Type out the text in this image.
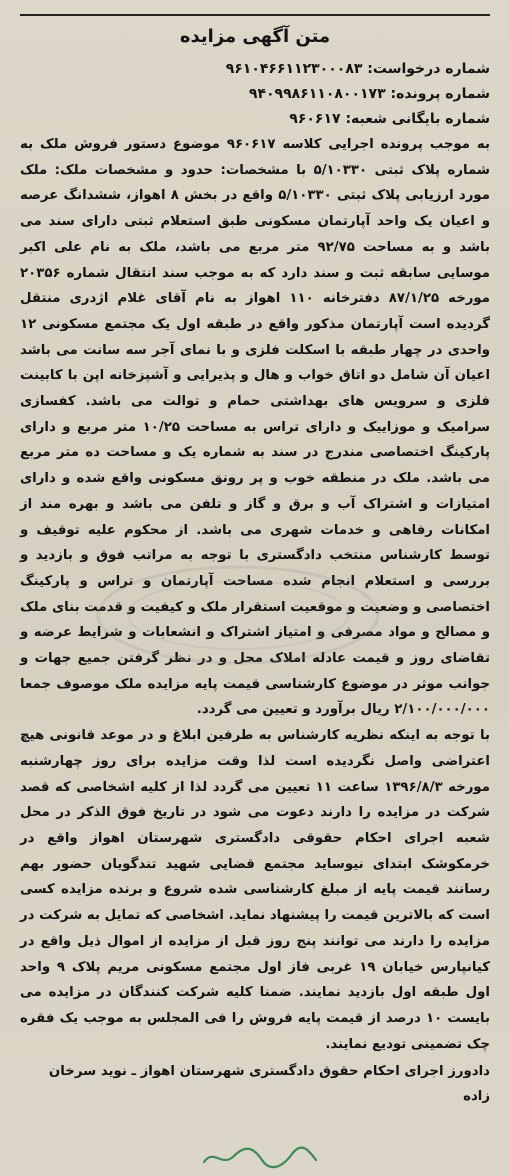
متن آگهی مزایده
شماره درخواست: ۹۶۱۰۴۶۶۱۱۲۳۰۰۰۸۳
شماره پرونده: ۹۴۰۹۹۸۶۱۱۰۸۰۰۱۷۳
شماره بایگانی شعبه: ۹۶۰۶۱۷

به موجب پرونده اجرایی کلاسه ۹۶۰۶۱۷ موضوع دستور فروش ملک به شماره پلاک ثبتی ۵/۱۰۳۳۰ با مشخصات: حدود و مشخصات ملک: ملک مورد ارزیابی پلاک ثبتی ۵/۱۰۳۳۰ واقع در بخش ۸ اهواز، ششدانگ عرصه و اعیان یک واحد آپارتمان مسکونی طبق استعلام ثبتی دارای سند می باشد و به مساحت ۹۲/۷۵ متر مربع می باشد، ملک به نام علی اکبر موسایی سابقه ثبت و سند دارد که به موجب سند انتقال شماره ۲۰۳۵۶ مورخه ۸۷/۱/۲۵ دفترخانه ۱۱۰ اهواز به نام آقای غلام اژدری منتقل گردیده است آپارتمان مذکور واقع در طبقه اول یک مجتمع مسکونی ۱۲ واحدی در چهار طبقه با اسکلت فلزی و با نمای آجر سه سانت می باشد اعیان آن شامل دو اتاق خواب و هال و پذیرایی و آشپزخانه اپن با کابینت فلزی و سرویس های بهداشتی حمام و توالت می باشد. کفسازی سرامیک و موزاییک و دارای تراس به مساحت ۱۰/۲۵ متر مربع و دارای پارکینگ اختصاصی مندرج در سند به شماره یک و مساحت ده متر مربع می باشد. ملک در منطقه خوب و پر رونق مسکونی واقع شده و دارای امتیازات و اشتراک آب و برق و گاز و تلفن می باشد و بهره مند از امکانات رفاهی و خدمات شهری می باشد. از محکوم علیه توقیف و توسط کارشناس منتخب دادگستری با توجه به مراتب فوق و بازدید و بررسی و استعلام انجام شده مساحت آپارتمان و تراس و پارکینگ اختصاصی و وضعیت و موقعیت استقرار ملک و کیفیت و قدمت بنای ملک و مصالح و مواد مصرفی و امتیاز اشتراک و انشعابات و شرایط عرضه و تقاضای روز و قیمت عادله املاک محل و در نظر گرفتن جمیع جهات و جوانب موثر در موضوع کارشناسی قیمت پایه مزایده ملک موصوف جمعا ۲/۱۰۰/۰۰۰/۰۰۰ ریال برآورد و تعیین می گردد.

با توجه به اینکه نظریه کارشناس به طرفین ابلاغ و در موعد قانونی هیچ اعتراضی واصل نگردیده است لذا وقت مزایده برای روز چهارشنبه مورخه ۱۳۹۶/۸/۳ ساعت ۱۱ تعیین می گردد لذا از کلیه اشخاصی که قصد شرکت در مزایده را دارند دعوت می شود در تاریخ فوق الذکر در محل شعبه اجرای احکام حقوقی دادگستری شهرستان اهواز واقع در خرمکوشک ابتدای نیوساید مجتمع قضایی شهید تندگویان حضور بهم رسانند قیمت پایه از مبلغ کارشناسی شده شروع و برنده مزایده کسی است که بالاترین قیمت را پیشنهاد نماید. اشخاصی که تمایل به شرکت در مزایده را دارند می توانند پنج روز قبل از مزایده از اموال ذیل واقع در کیانپارس خیابان ۱۹ غربی فاز اول مجتمع مسکونی مریم پلاک ۹ واحد اول طبقه اول بازدید نمایند. ضمنا کلیه شرکت کنندگان در مزایده می بایست ۱۰ درصد از قیمت پایه فروش را فی المجلس به موجب یک فقره چک تضمینی تودیع نمایند.

دادورز اجرای احکام حقوق دادگستری شهرستان اهواز ـ نوید سرخان زاده
